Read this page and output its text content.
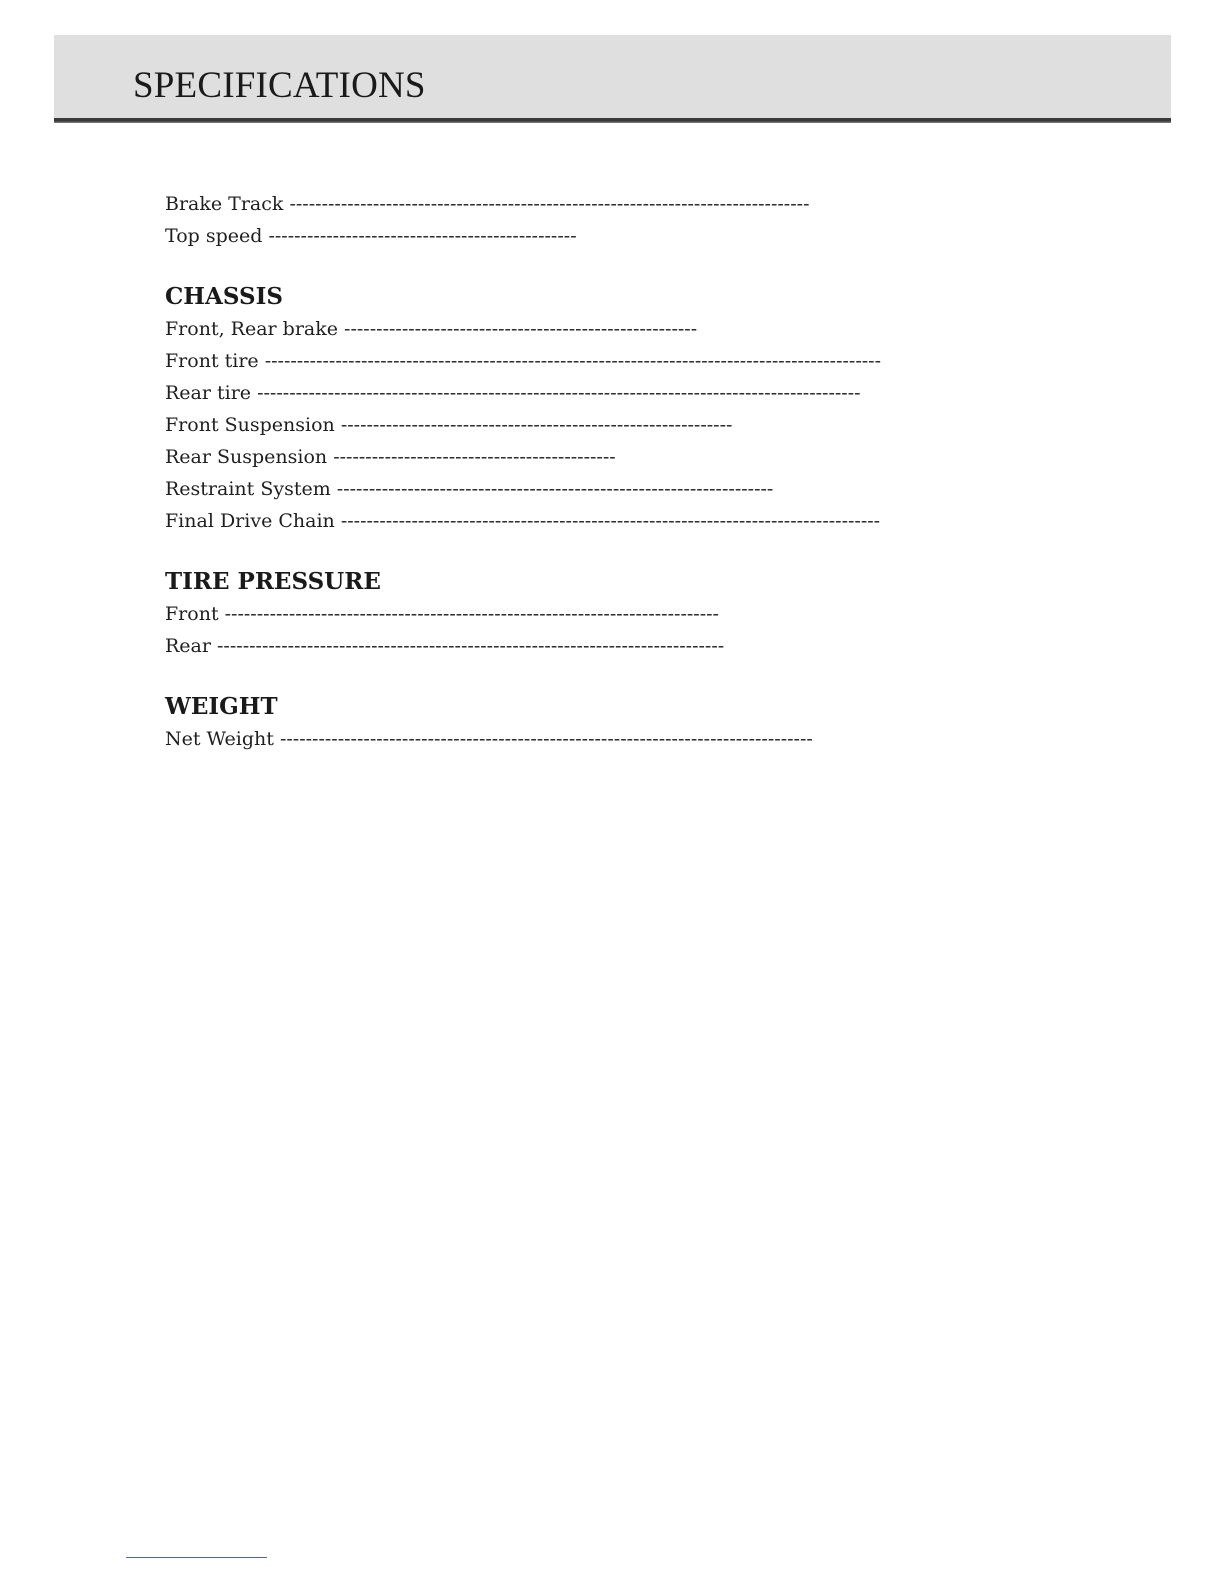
SPECIFICATIONS
Brake Track ---------------------------------------------------------------------------------
Top speed ------------------------------------------------
CHASSIS
Front, Rear brake -------------------------------------------------------
Front tire ------------------------------------------------------------------------------------------------
Rear tire ----------------------------------------------------------------------------------------------
Front Suspension -------------------------------------------------------------
Rear Suspension --------------------------------------------
Restraint System --------------------------------------------------------------------
Final Drive Chain ------------------------------------------------------------------------------------
TIRE PRESSURE
Front -----------------------------------------------------------------------------
Rear -------------------------------------------------------------------------------
WEIGHT
Net Weight -----------------------------------------------------------------------------------
